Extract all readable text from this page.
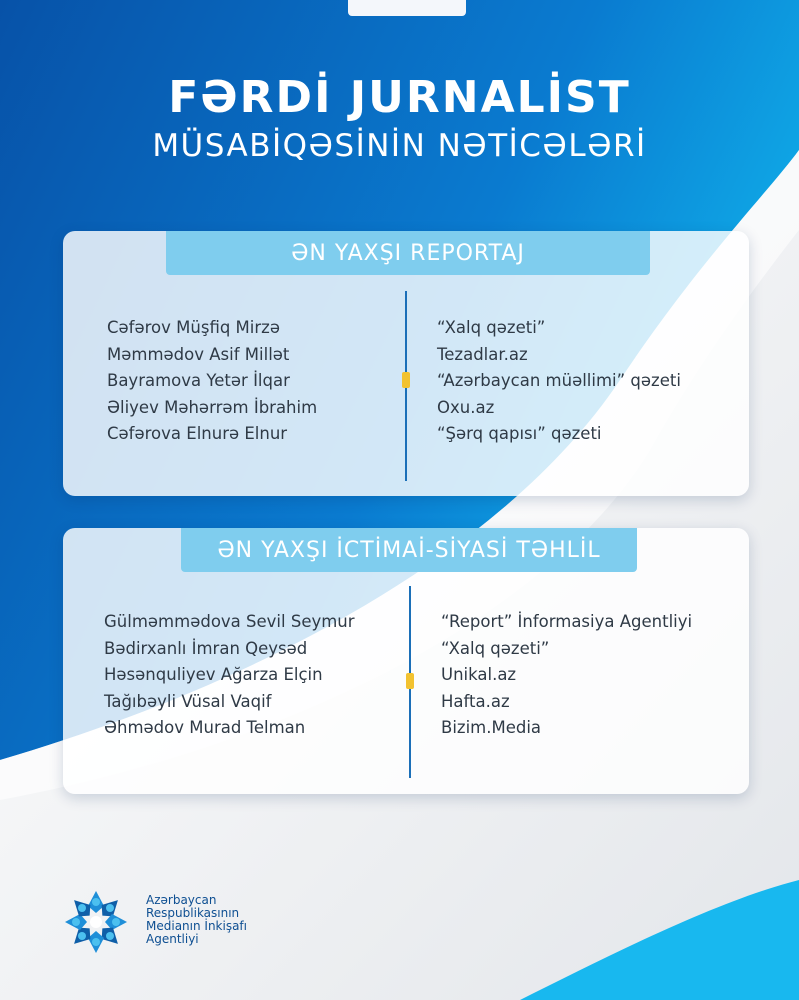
FƏRDİ JURNALİST
MÜSABİQƏSİNİN NƏTİCƏLƏRİ
ƏN YAXŞI REPORTAJ
Cəfərov Müşfiq Mirzə
Məmmədov Asif Millət
Bayramova Yetər İlqar
Əliyev Məhərrəm İbrahim
Cəfərova Elnurə Elnur
“Xalq qəzeti”
Tezadlar.az
“Azərbaycan müəllimi” qəzeti
Oxu.az
“Şərq qapısı” qəzeti
ƏN YAXŞI İCTİMAİ-SİYASİ TƏHLİL
Gülməmmədova Sevil Seymur
Bədirxanlı İmran Qeysəd
Həsənquliyev Ağarza Elçin
Tağıbəyli Vüsal Vaqif
Əhmədov Murad Telman
“Report” İnformasiya Agentliyi
“Xalq qəzeti”
Unikal.az
Hafta.az
Bizim.Media
Azərbaycan
Respublikasının
Medianın İnkişafı
Agentliyi
